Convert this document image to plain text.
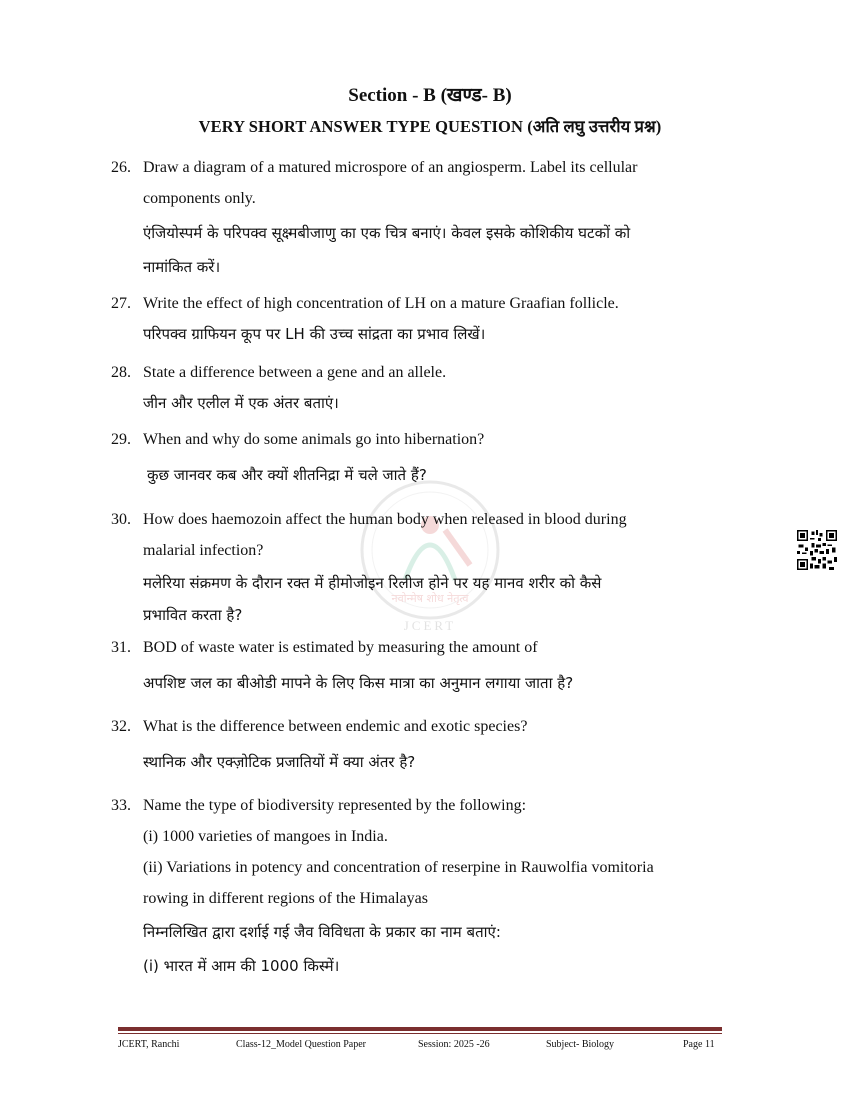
नवोन्मेष शोध नेतृत्व
JCERT
Section - B (खण्ड- B)
VERY SHORT ANSWER TYPE QUESTION (अति लघु उत्तरीय प्रश्न)
26. Draw a diagram of a matured microspore of an angiosperm. Label its cellular
components only.
एंजियोस्पर्म के परिपक्व सूक्ष्मबीजाणु का एक चित्र बनाएं। केवल इसके कोशिकीय घटकों को
नामांकित करें।
27. Write the effect of high concentration of LH on a mature Graafian follicle.
परिपक्व ग्राफियन कूप पर LH की उच्च सांद्रता का प्रभाव लिखें।
28. State a difference between a gene and an allele.
जीन और एलील में एक अंतर बताएं।
29. When and why do some animals go into hibernation?
कुछ जानवर कब और क्यों शीतनिद्रा में चले जाते हैं?
30. How does haemozoin affect the human body when released in blood during
malarial infection?
मलेरिया संक्रमण के दौरान रक्त में हीमोजोइन रिलीज होने पर यह मानव शरीर को कैसे
प्रभावित करता है?
31. BOD of waste water is estimated by measuring the amount of
अपशिष्ट जल का बीओडी मापने के लिए किस मात्रा का अनुमान लगाया जाता है?
32. What is the difference between endemic and exotic species?
स्थानिक और एक्ज़ोटिक प्रजातियों में क्या अंतर है?
33. Name the type of biodiversity represented by the following:
(i) 1000 varieties of mangoes in India.
(ii) Variations in potency and concentration of reserpine in Rauwolfia vomitoria
rowing in different regions of the Himalayas
निम्नलिखित द्वारा दर्शाई गई जैव विविधता के प्रकार का नाम बताएं:
(i) भारत में आम की 1000 किस्में।
JCERT, Ranchi	Class-12_Model Question Paper	Session: 2025 -26	Subject- Biology	Page 11
